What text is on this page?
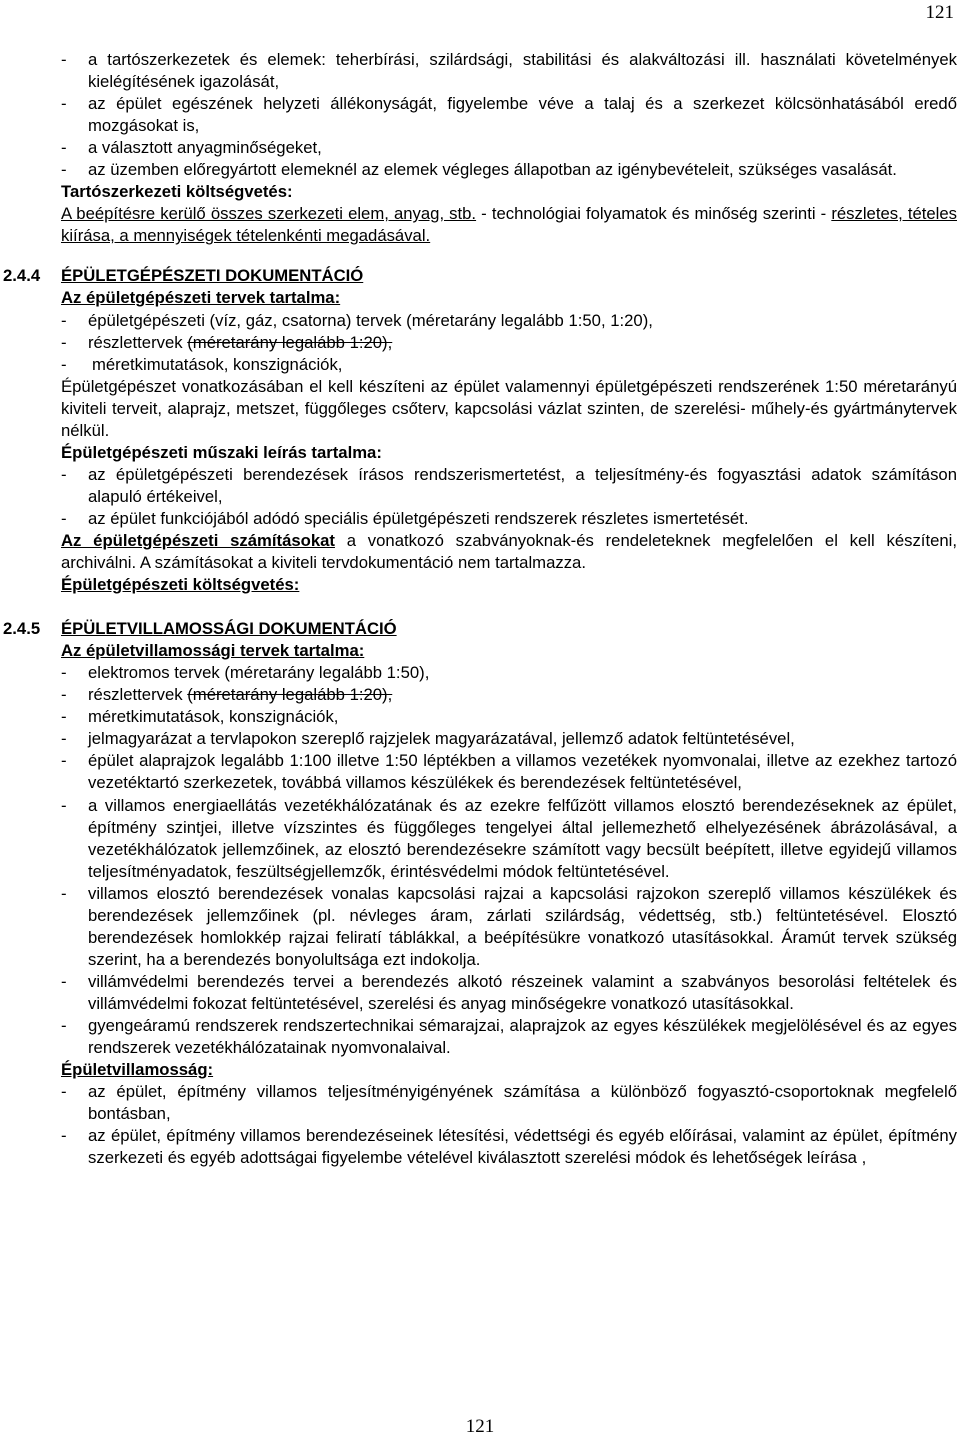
121
-	a tartószerkezetek és elemek: teherbírási, szilárdsági, stabilitási és alakváltozási ill. használati követelmények kielégítésének igazolását,
-	az épület egészének helyzeti állékonyságát, figyelembe véve a talaj és a szerkezet kölcsönhatásából eredő mozgásokat is,
-	a választott anyagminőségeket,
-	az üzemben előregyártott elemeknél az elemek végleges állapotban az igénybevételeit, szükséges vasalását.

Tartószerkezeti költségvetés:

A beépítésre kerülő összes szerkezeti elem, anyag, stb. - technológiai folyamatok és minőség szerinti - részletes, tételes kiírása, a mennyiségek tételenkénti megadásával.

2.4.4	ÉPÜLETGÉPÉSZETI DOKUMENTÁCIÓ

Az épületgépészeti tervek tartalma:

-	épületgépészeti (víz, gáz, csatorna) tervek (méretarány legalább 1:50, 1:20),
-	részlettervek (méretarány legalább 1:20),
-	méretkimutatások, konszignációk,

Épületgépészet vonatkozásában el kell készíteni az épület valamennyi épületgépészeti rendszerének 1:50 méretarányú kiviteli terveit, alaprajz, metszet, függőleges csőterv, kapcsolási vázlat szinten, de szerelési- műhely-és gyártmánytervek nélkül.

Épületgépészeti műszaki leírás tartalma:

-	az épületgépészeti berendezések írásos rendszerismertetést, a teljesítmény-és fogyasztási adatok számításon alapuló értékeivel,
-	az épület funkciójából adódó speciális épületgépészeti rendszerek részletes ismertetését.

Az épületgépészeti számításokat a vonatkozó szabványoknak-és rendeleteknek megfelelően el kell készíteni, archiválni. A számításokat a kiviteli tervdokumentáció nem tartalmazza.

Épületgépészeti költségvetés:

2.4.5	ÉPÜLETVILLAMOSSÁGI DOKUMENTÁCIÓ

Az épületvillamossági tervek tartalma:

-	elektromos tervek (méretarány legalább 1:50),
-	részlettervek (méretarány legalább 1:20),
-	méretkimutatások, konszignációk,
-	jelmagyarázat a tervlapokon szereplő rajzjelek magyarázatával, jellemző adatok feltüntetésével,
-	épület alaprajzok legalább 1:100 illetve 1:50 léptékben a villamos vezetékek nyomvonalai, illetve az ezekhez tartozó vezetéktartó szerkezetek, továbbá villamos készülékek és berendezések feltüntetésével,
-	a villamos energiaellátás vezetékhálózatának és az ezekre felfűzött villamos elosztó berendezéseknek az épület, építmény szintjei, illetve vízszintes és függőleges tengelyei által jellemezhető elhelyezésének ábrázolásával, a vezetékhálózatok jellemzőinek, az elosztó berendezésekre számított vagy becsült beépített, illetve egyidejű villamos teljesítményadatok, feszültségjellemzők, érintésvédelmi módok feltüntetésével.
-	villamos elosztó berendezések vonalas kapcsolási rajzai a kapcsolási rajzokon szereplő villamos készülékek és berendezések jellemzőinek (pl. névleges áram, zárlati szilárdság, védettség, stb.) feltüntetésével. Elosztó berendezések homlokkép rajzai feliratí táblákkal, a beépítésükre vonatkozó utasításokkal. Áramút tervek szükség szerint, ha a berendezés bonyolultsága ezt indokolja.
-	villámvédelmi berendezés tervei a berendezés alkotó részeinek valamint a szabványos besorolási feltételek és villámvédelmi fokozat feltüntetésével, szerelési és anyag minőségekre vonatkozó utasításokkal.
-	gyengeáramú rendszerek rendszertechnikai sémarajzai, alaprajzok az egyes készülékek megjelölésével és az egyes rendszerek vezetékhálózatainak nyomvonalaival.

Épületvillamosság:

-	az épület, építmény villamos teljesítményigényének számítása a különböző fogyasztó-csoportoknak megfelelő bontásban,
-	az épület, építmény villamos berendezéseinek létesítési, védettségi és egyéb előírásai, valamint az épület, építmény szerkezeti és egyéb adottságai figyelembe vételével kiválasztott szerelési módok és lehetőségek leírása ,
121
